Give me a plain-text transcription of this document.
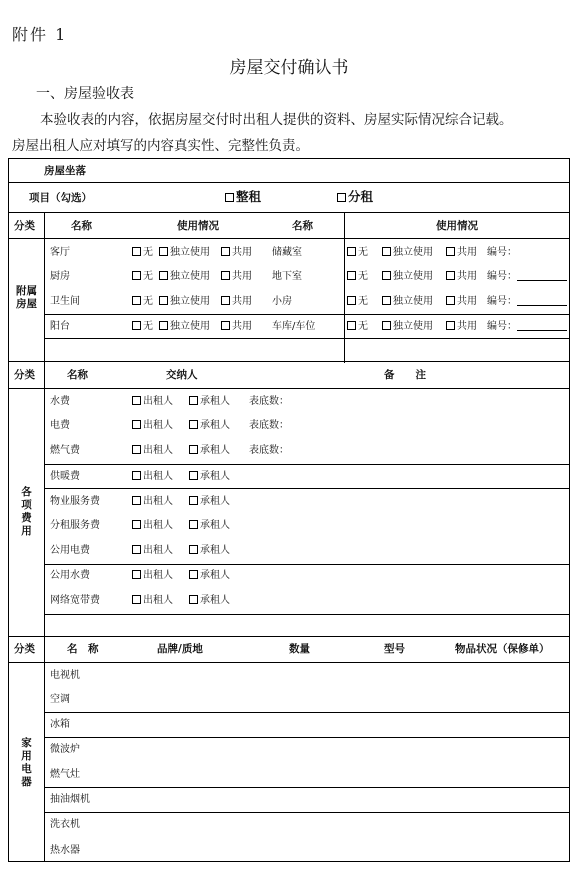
附件 1
房屋交付确认书
一、房屋验收表
本验收表的内容，依据房屋交付时出租人提供的资料、房屋实际情况综合记载。
房屋出租人应对填写的内容真实性、完整性负责。
房屋坐落
项目（勾选）	整租	分租
分类	名称	使用情况	名称	使用情况
附属房屋
客厅	无	独立使用	共用 储藏室	无	独立使用	共用 编号：
厨房	无	独立使用	共用 地下室	无	独立使用	共用 编号：
卫生间	无	独立使用	共用 小房	无	独立使用	共用 编号：
阳台	无	独立使用	共用 车库/车位	无	独立使用	共用 编号：
分类	名称	交纳人	备　　注
各项费用
水费	出租人	承租人 表底数：
电费	出租人	承租人 表底数：
燃气费	出租人	承租人 表底数：
供暖费	出租人	承租人
物业服务费	出租人	承租人
分租服务费	出租人	承租人
公用电费	出租人	承租人
公用水费	出租人	承租人
网络宽带费	出租人	承租人
分类	名　称	品牌/质地	数量	型号	物品状况（保修单）
家用电器
电视机
空调
冰箱
微波炉
燃气灶
抽油烟机
洗衣机
热水器
